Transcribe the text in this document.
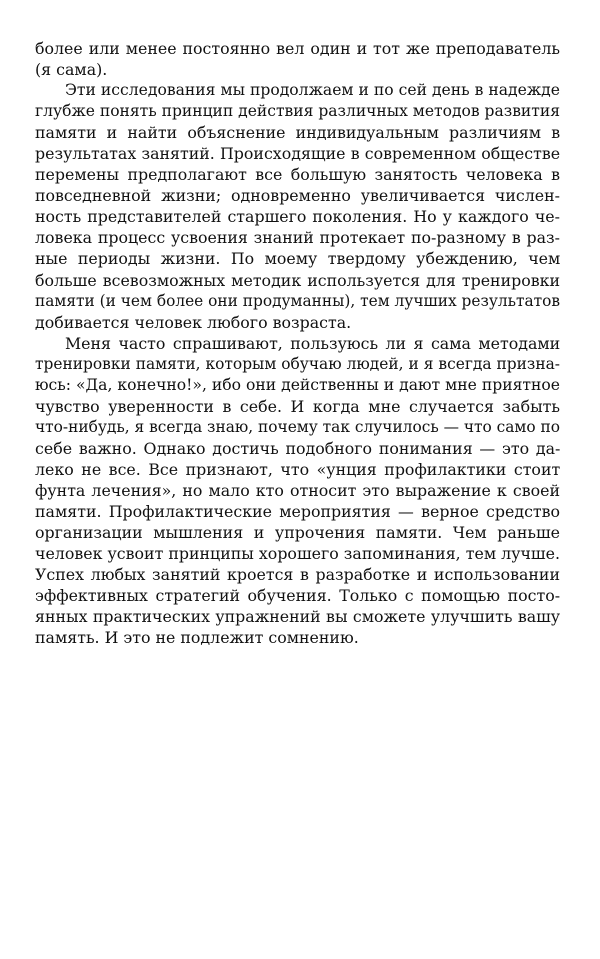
более или менее постоянно вел один и тот же преподаватель
(я сама).

Эти исследования мы продолжаем и по сей день в надежде
глубже понять принцип действия различных методов развития
памяти и найти объяснение индивидуальным различиям в
результатах занятий. Происходящие в современном обществе
перемены предполагают все большую занятость человека в
повседневной жизни; одновременно увеличивается числен-
ность представителей старшего поколения. Но у каждого че-
ловека процесс усвоения знаний протекает по-разному в раз-
ные периоды жизни. По моему твердому убеждению, чем
больше всевозможных методик используется для тренировки
памяти (и чем более они продуманны), тем лучших результатов
добивается человек любого возраста.

Меня часто спрашивают, пользуюсь ли я сама методами
тренировки памяти, которым обучаю людей, и я всегда призна-
юсь: «Да, конечно!», ибо они действенны и дают мне приятное
чувство уверенности в себе. И когда мне случается забыть
что-нибудь, я всегда знаю, почему так случилось — что само по
себе важно. Однако достичь подобного понимания — это да-
леко не все. Все признают, что «унция профилактики стоит
фунта лечения», но мало кто относит это выражение к своей
памяти. Профилактические мероприятия — верное средство
организации мышления и упрочения памяти. Чем раньше
человек усвоит принципы хорошего запоминания, тем лучше.
Успех любых занятий кроется в разработке и использовании
эффективных стратегий обучения. Только с помощью посто-
янных практических упражнений вы сможете улучшить вашу
память. И это не подлежит сомнению.
